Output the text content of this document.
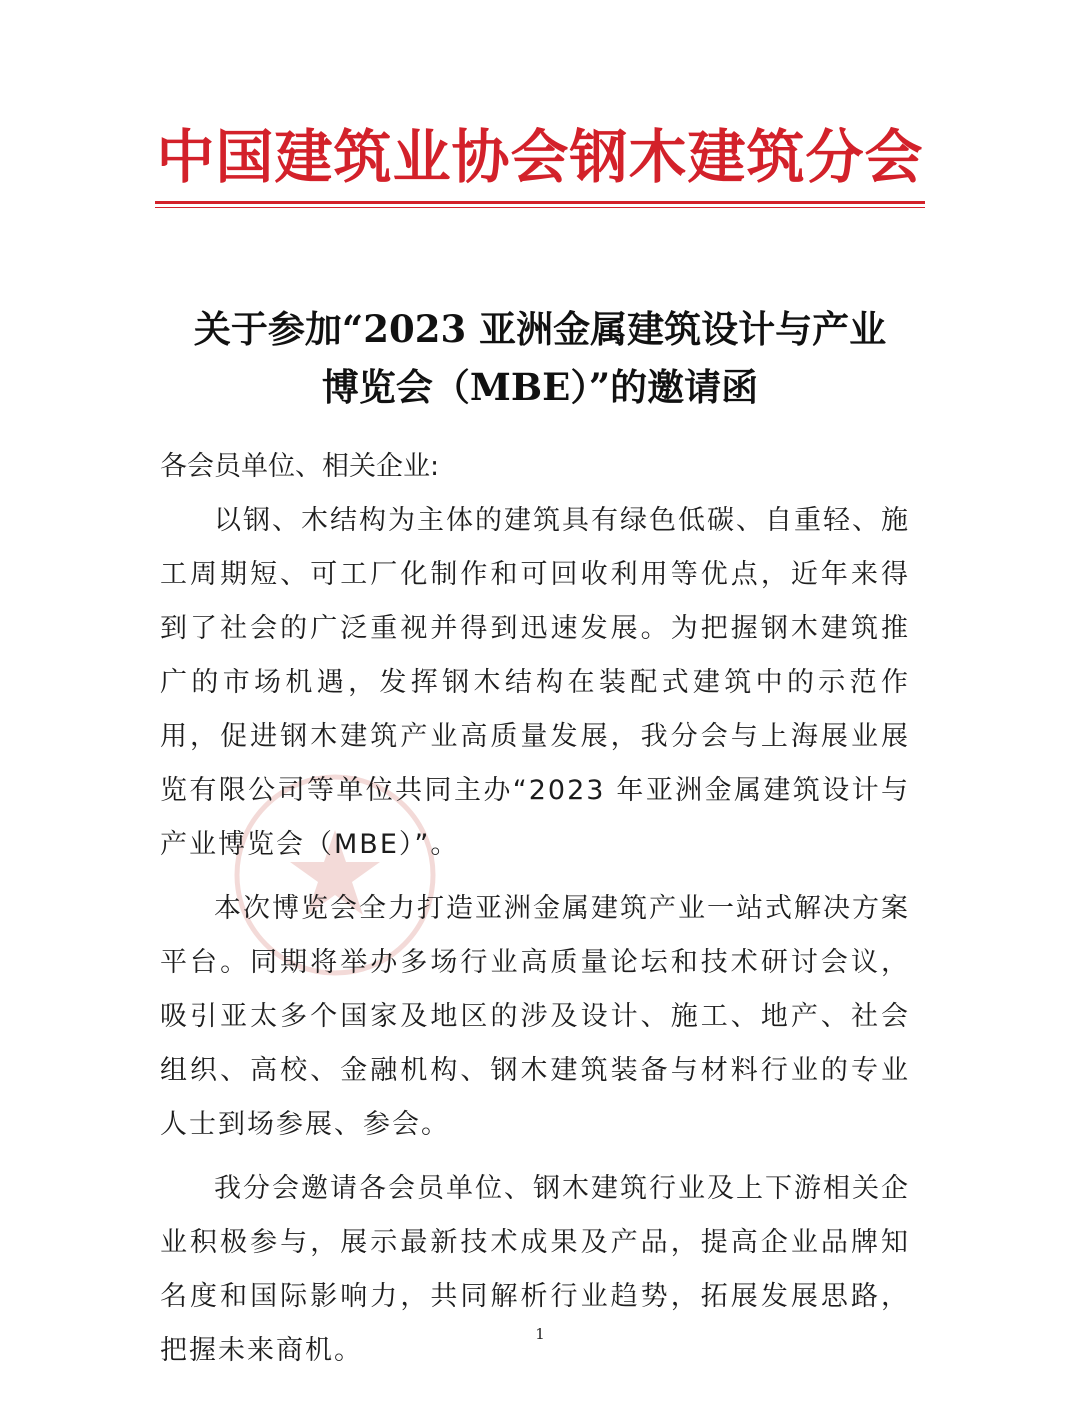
中国建筑业协会钢木建筑分会
关于参加“2023 亚洲金属建筑设计与产业
博览会（MBE）”的邀请函
各会员单位、相关企业:

以钢、木结构为主体的建筑具有绿色低碳、自重轻、施工周期短、可工厂化制作和可回收利用等优点，近年来得到了社会的广泛重视并得到迅速发展。为把握钢木建筑推广的市场机遇，发挥钢木结构在装配式建筑中的示范作用，促进钢木建筑产业高质量发展，我分会与上海展业展览有限公司等单位共同主办“2023 年亚洲金属建筑设计与产业博览会（MBE）”。

本次博览会全力打造亚洲金属建筑产业一站式解决方案平台。同期将举办多场行业高质量论坛和技术研讨会议，吸引亚太多个国家及地区的涉及设计、施工、地产、社会组织、高校、金融机构、钢木建筑装备与材料行业的专业人士到场参展、参会。

我分会邀请各会员单位、钢木建筑行业及上下游相关企业积极参与，展示最新技术成果及产品，提高企业品牌知名度和国际影响力，共同解析行业趋势，拓展发展思路，把握未来商机。

1
